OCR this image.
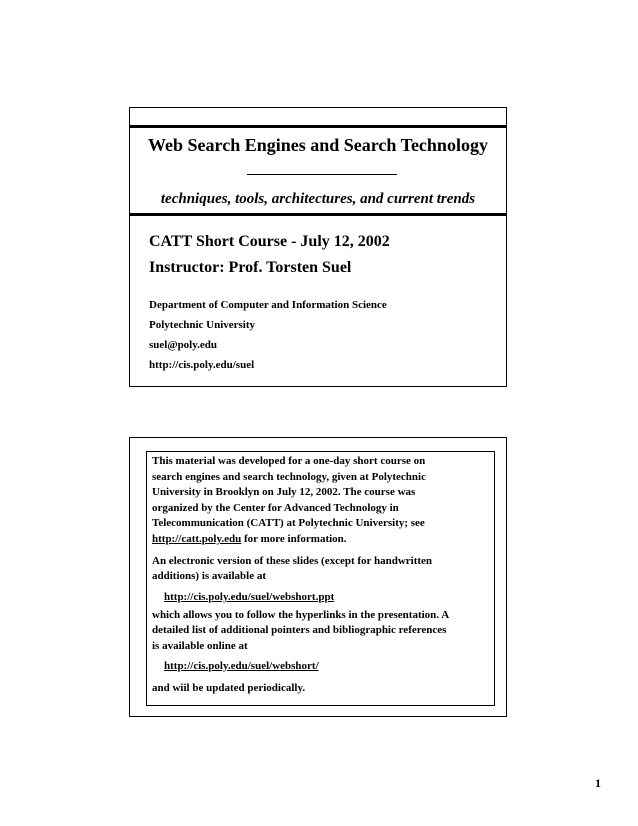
Web Search Engines and Search Technology
techniques, tools, architectures, and current trends
CATT Short Course - July 12, 2002
Instructor: Prof. Torsten Suel
Department of Computer and Information Science
Polytechnic University
suel@poly.edu
http://cis.poly.edu/suel
This material was developed for a one-day short course on
search engines and search technology, given at Polytechnic
University in Brooklyn on July 12, 2002. The course was
organized by the Center for Advanced Technology in
Telecommunication (CATT) at Polytechnic University; see
http://catt.poly.edu for more information.
An electronic version of these slides (except for handwritten
additions) is available at
http://cis.poly.edu/suel/webshort.ppt
which allows you to follow the hyperlinks in the presentation. A
detailed list of additional pointers and bibliographic references
is available online at
http://cis.poly.edu/suel/webshort/
and wiil be updated periodically.
1
